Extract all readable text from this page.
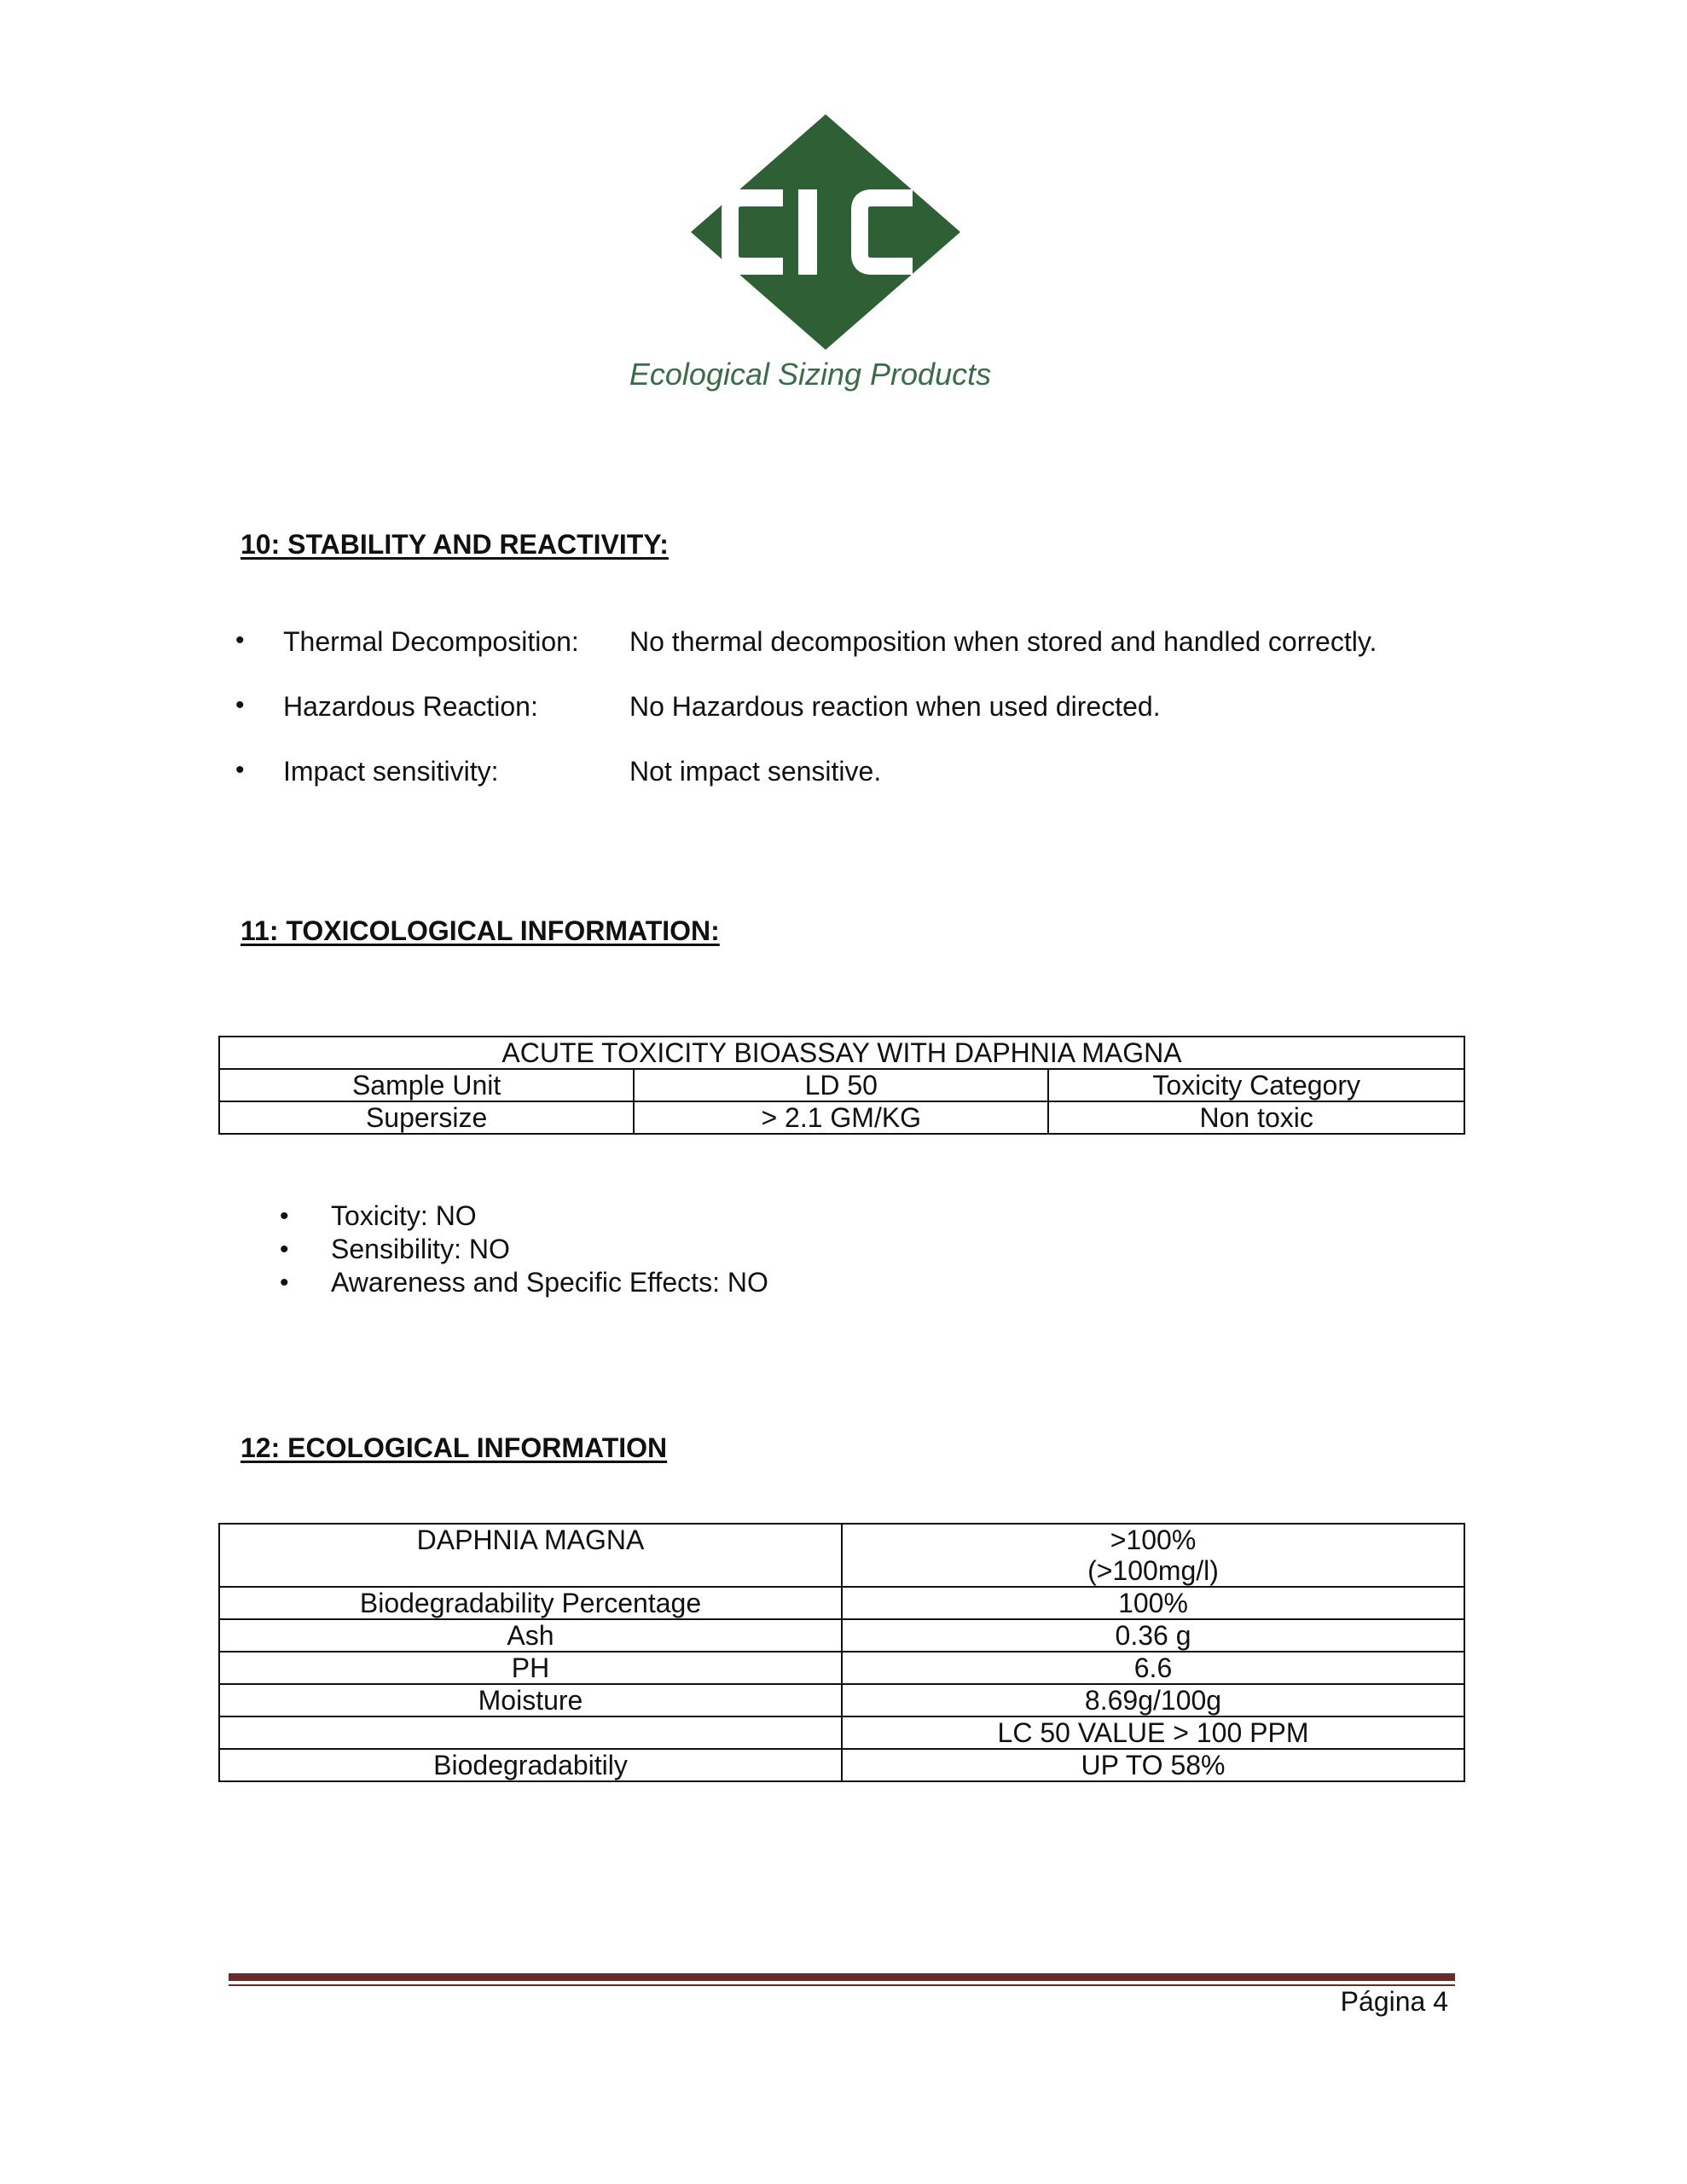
Ecological Sizing Products
10: STABILITY AND REACTIVITY:
• Thermal Decomposition: No thermal decomposition when stored and handled correctly.
• Hazardous Reaction:	No Hazardous reaction when used directed.
• Impact sensitivity:	Not impact sensitive.
11: TOXICOLOGICAL INFORMATION:
ACUTE TOXICITY BIOASSAY WITH DAPHNIA MAGNA		
Sample Unit	LD 50	Toxicity Category
Supersize	> 2.1 GM/KG	Non toxic
• Toxicity: NO
• Sensibility: NO
• Awareness and Specific Effects: NO
12: ECOLOGICAL INFORMATION
DAPHNIA MAGNA	>100%
(>100mg/l)

Biodegradability Percentage	100%
Ash	0.36 g
PH	6.6
Moisture	8.69g/100g
	LC 50 VALUE > 100 PPM
Biodegradabitily	UP TO 58%
Página 4
